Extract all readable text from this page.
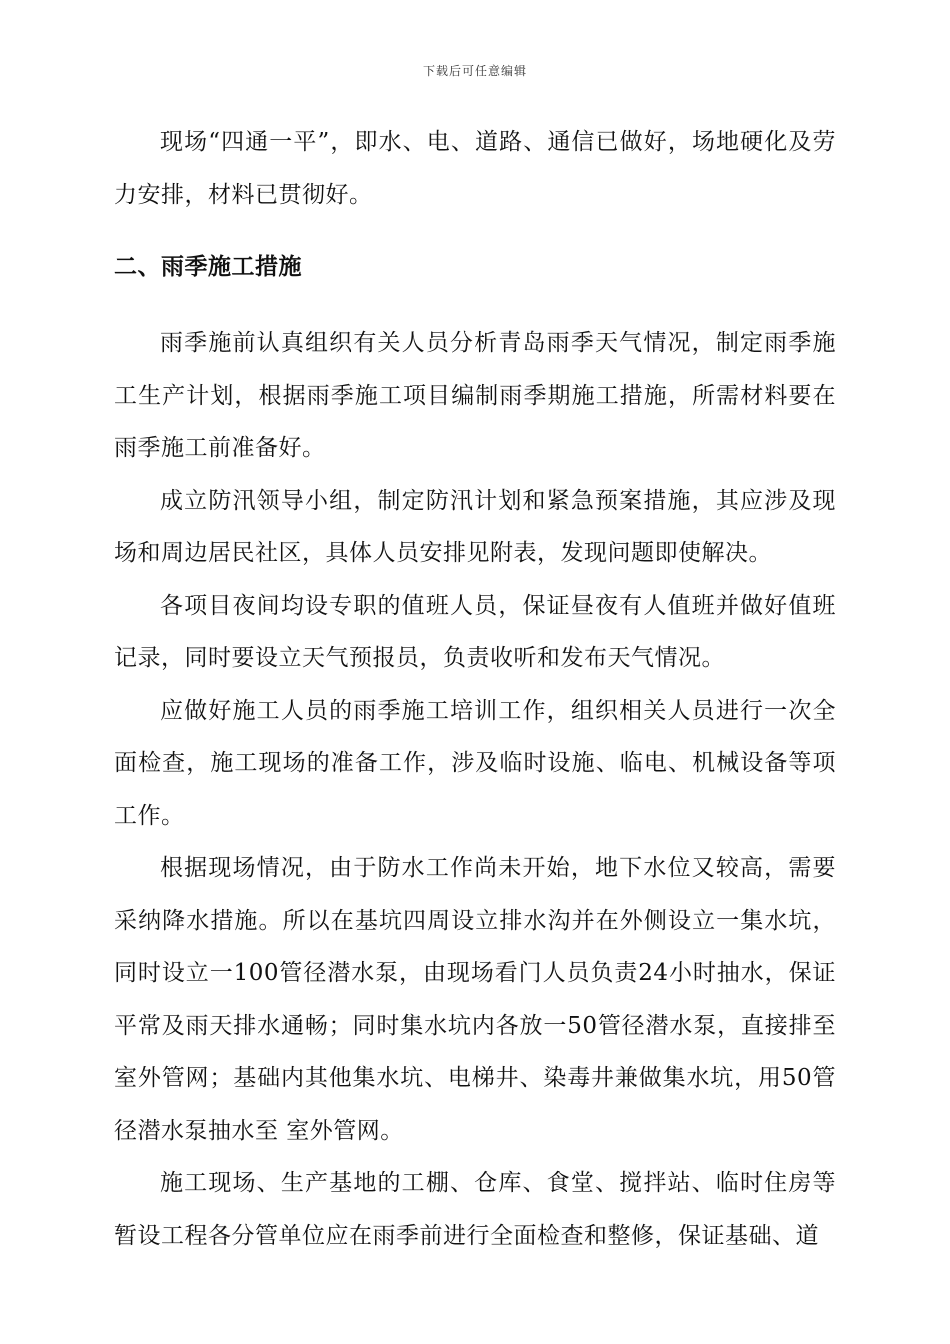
下载后可任意编辑

现场“四通一平”，即水、电、道路、通信已做好，场地硬化及劳力安排，材料已贯彻好。

二、雨季施工措施

雨季施前认真组织有关人员分析青岛雨季天气情况，制定雨季施工生产计划，根据雨季施工项目编制雨季期施工措施，所需材料要在雨季施工前准备好。

成立防汛领导小组，制定防汛计划和紧急预案措施，其应涉及现场和周边居民社区，具体人员安排见附表，发现问题即使解决。

各项目夜间均设专职的值班人员，保证昼夜有人值班并做好值班记录，同时要设立天气预报员，负责收听和发布天气情况。

应做好施工人员的雨季施工培训工作，组织相关人员进行一次全面检查，施工现场的准备工作，涉及临时设施、临电、机械设备等项工作。

根据现场情况，由于防水工作尚未开始，地下水位又较高，需要采纳降水措施。所以在基坑四周设立排水沟并在外侧设立一集水坑，同时设立一100管径潜水泵，由现场看门人员负责24小时抽水，保证平常及雨天排水通畅；同时集水坑内各放一50管径潜水泵，直接排至室外管网；基础内其他集水坑、电梯井、染毒井兼做集水坑，用50管径潜水泵抽水至 室外管网。

施工现场、生产基地的工棚、仓库、食堂、搅拌站、临时住房等暂设工程各分管单位应在雨季前进行全面检查和整修，保证基础、道
